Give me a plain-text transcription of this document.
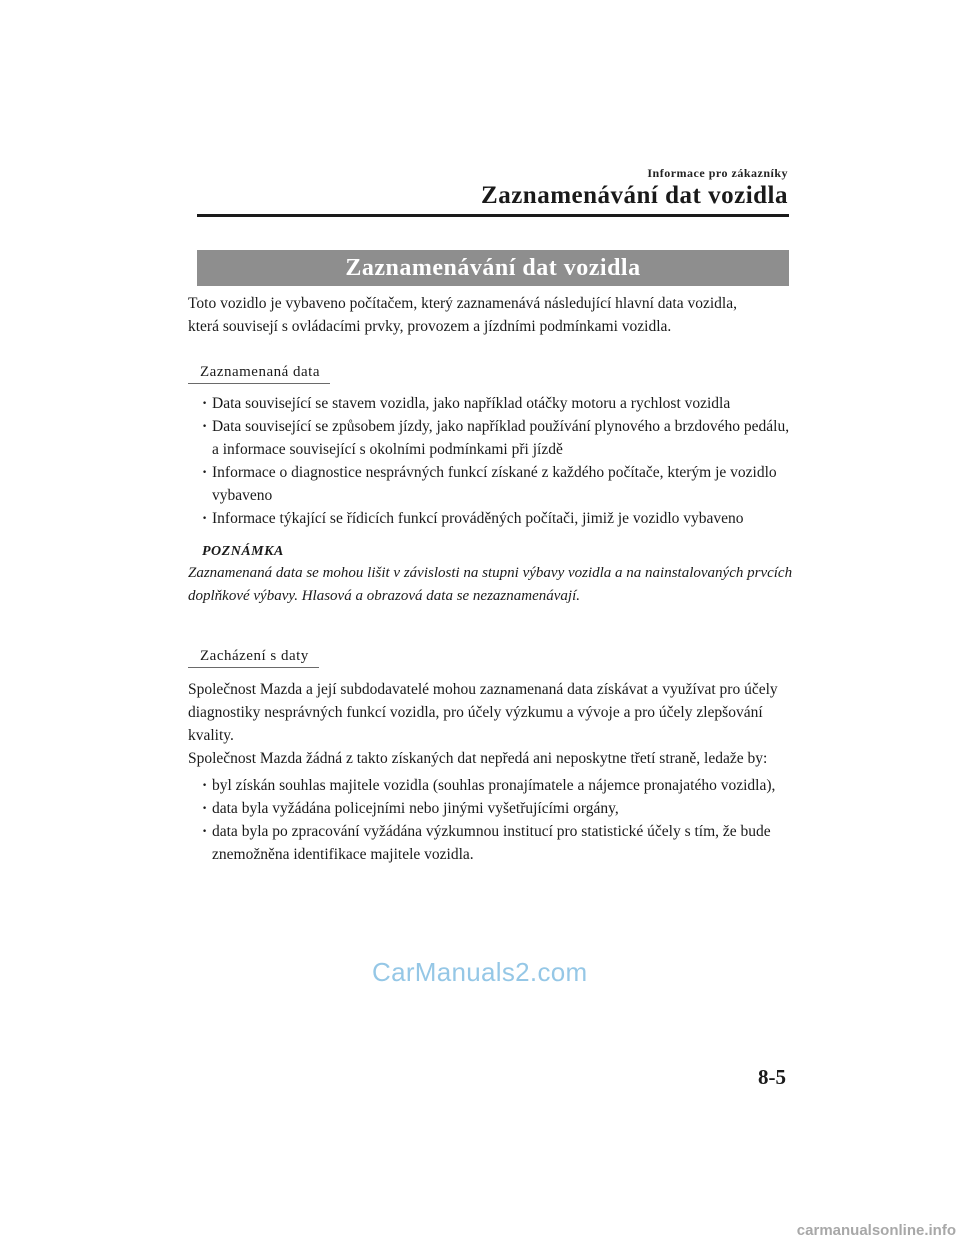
Informace pro zákazníky
Zaznamenávání dat vozidla
Zaznamenávání dat vozidla

Toto vozidlo je vybaveno počítačem, který zaznamenává následující hlavní data vozidla,

která souvisejí s ovládacími prvky, provozem a jízdními podmínkami vozidla.

Zaznamenaná data
· Data související se stavem vozidla, jako například otáčky motoru a rychlost vozidla
· Data související se způsobem jízdy, jako například používání plynového a brzdového pedálu, a informace související s okolními podmínkami při jízdě
· Informace o diagnostice nesprávných funkcí získané z každého počítače, kterým je vozidlo vybaveno
· Informace týkající se řídicích funkcí prováděných počítači, jimiž je vozidlo vybaveno
POZNÁMKA

Zaznamenaná data se mohou lišit v závislosti na stupni výbavy vozidla a na nainstalovaných prvcích doplňkové výbavy. Hlasová a obrazová data se nezaznamenávají.

Zacházení s daty

Společnost Mazda a její subdodavatelé mohou zaznamenaná data získávat a využívat pro účely diagnostiky nesprávných funkcí vozidla, pro účely výzkumu a vývoje a pro účely zlepšování kvality.

Společnost Mazda žádná z takto získaných dat nepředá ani neposkytne třetí straně, ledaže by:

· byl získán souhlas majitele vozidla (souhlas pronajímatele a nájemce pronajatého vozidla),
· data byla vyžádána policejními nebo jinými vyšetřujícími orgány,
· data byla po zpracování vyžádána výzkumnou institucí pro statistické účely s tím, že bude znemožněna identifikace majitele vozidla.
CarManuals2.com
8-5
carmanualsonline.info
